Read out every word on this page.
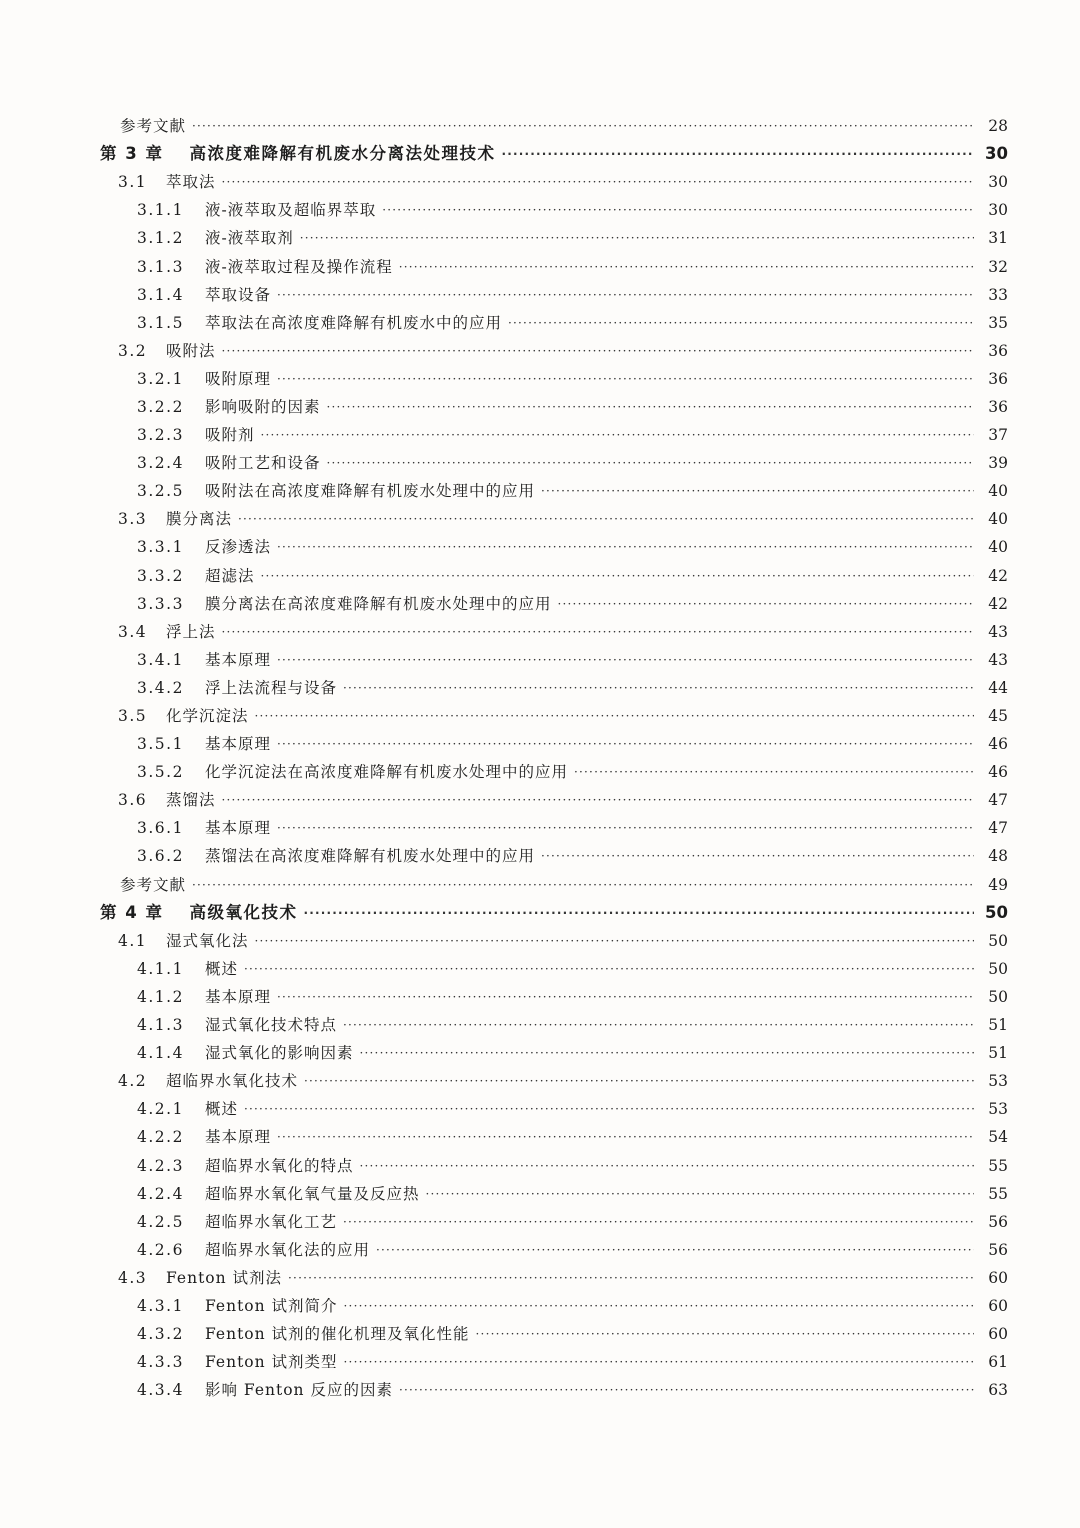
参考文献 ·····	28
第 3 章 高浓度难降解有机废水分离法处理技术 ·····	30
3.1 萃取法 ·····	30
3.1.1 液-液萃取及超临界萃取 ·····	30
3.1.2 液-液萃取剂 ·····	31
3.1.3 液-液萃取过程及操作流程 ·····	32
3.1.4 萃取设备 ·····	33
3.1.5 萃取法在高浓度难降解有机废水中的应用 ·····	35
3.2 吸附法 ·····	36
3.2.1 吸附原理 ·····	36
3.2.2 影响吸附的因素 ·····	36
3.2.3 吸附剂 ·····	37
3.2.4 吸附工艺和设备 ·····	39
3.2.5 吸附法在高浓度难降解有机废水处理中的应用 ·····	40
3.3 膜分离法 ·····	40
3.3.1 反渗透法 ·····	40
3.3.2 超滤法 ·····	42
3.3.3 膜分离法在高浓度难降解有机废水处理中的应用 ·····	42
3.4 浮上法 ·····	43
3.4.1 基本原理 ·····	43
3.4.2 浮上法流程与设备 ·····	44
3.5 化学沉淀法 ·····	45
3.5.1 基本原理 ·····	46
3.5.2 化学沉淀法在高浓度难降解有机废水处理中的应用 ·····	46
3.6 蒸馏法 ·····	47
3.6.1 基本原理 ·····	47
3.6.2 蒸馏法在高浓度难降解有机废水处理中的应用 ·····	48
参考文献 ·····	49
第 4 章 高级氧化技术 ·····	50
4.1 湿式氧化法 ·····	50
4.1.1 概述 ·····	50
4.1.2 基本原理 ·····	50
4.1.3 湿式氧化技术特点 ·····	51
4.1.4 湿式氧化的影响因素 ·····	51
4.2 超临界水氧化技术 ·····	53
4.2.1 概述 ·····	53
4.2.2 基本原理 ·····	54
4.2.3 超临界水氧化的特点 ·····	55
4.2.4 超临界水氧化氧气量及反应热 ·····	55
4.2.5 超临界水氧化工艺 ·····	56
4.2.6 超临界水氧化法的应用 ·····	56
4.3 Fenton 试剂法 ·····	60
4.3.1 Fenton 试剂简介 ·····	60
4.3.2 Fenton 试剂的催化机理及氧化性能 ·····	60
4.3.3 Fenton 试剂类型 ·····	61
4.3.4 影响 Fenton 反应的因素 ·····	63
